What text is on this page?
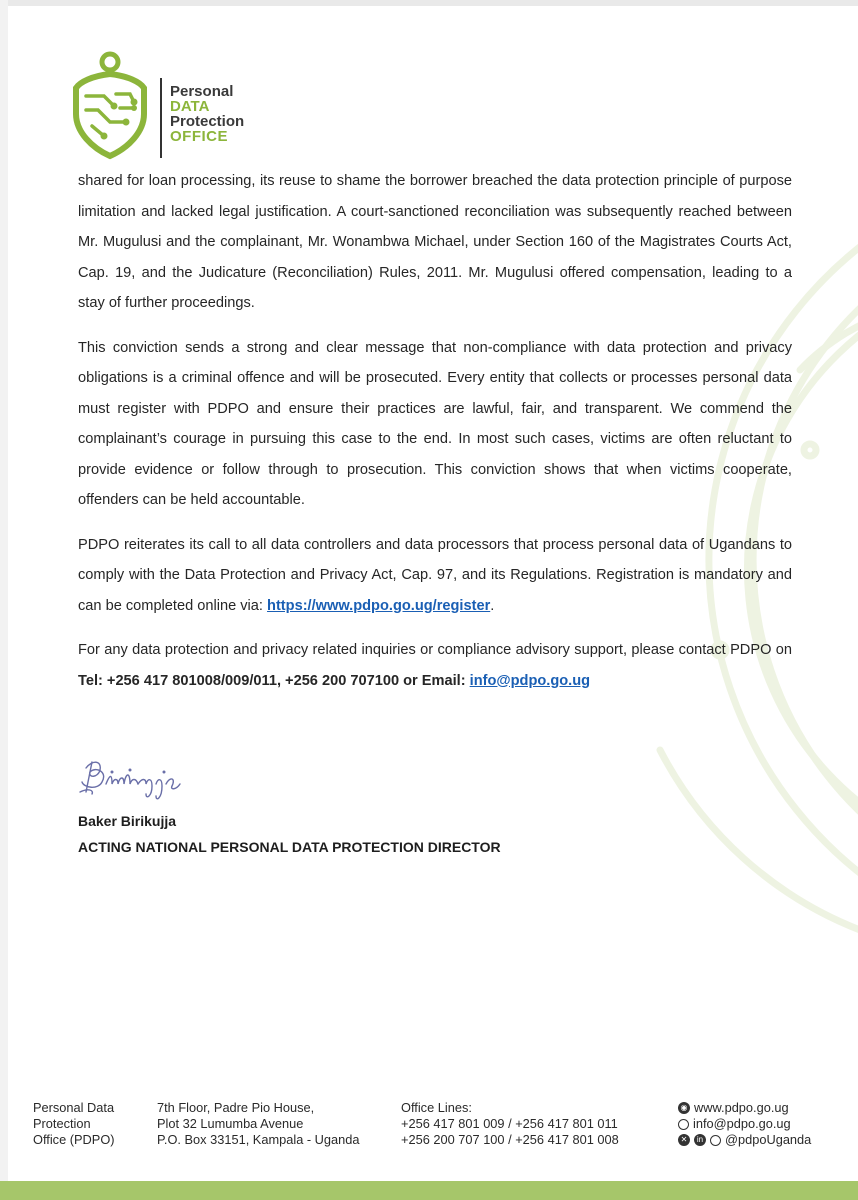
Personal
DATA
Protection
OFFICE

shared for loan processing, its reuse to shame the borrower breached the data protection principle of purpose limitation and lacked legal justification. A court-sanctioned reconciliation was subsequently reached between Mr. Mugulusi and the complainant, Mr. Wonambwa Michael, under Section 160 of the Magistrates Courts Act, Cap. 19, and the Judicature (Reconciliation) Rules, 2011. Mr. Mugulusi offered compensation, leading to a stay of further proceedings.

This conviction sends a strong and clear message that non-compliance with data protection and privacy obligations is a criminal offence and will be prosecuted. Every entity that collects or processes personal data must register with PDPO and ensure their practices are lawful, fair, and transparent. We commend the complainant’s courage in pursuing this case to the end. In most such cases, victims are often reluctant to provide evidence or follow through to prosecution. This conviction shows that when victims cooperate, offenders can be held accountable.

PDPO reiterates its call to all data controllers and data processors that process personal data of Ugandans to comply with the Data Protection and Privacy Act, Cap. 97, and its Regulations. Registration is mandatory and can be completed online via: https://www.pdpo.go.ug/register.

For any data protection and privacy related inquiries or compliance advisory support, please contact PDPO on Tel: +256 417 801008/009/011, +256 200 707100 or Email: info@pdpo.go.ug

Baker Birikujja
ACTING NATIONAL PERSONAL DATA PROTECTION DIRECTOR
Personal Data
Protection
Office (PDPO)
7th Floor, Padre Pio House,
Plot 32 Lumumba Avenue
P.O. Box 33151, Kampala - Uganda
Office Lines:
+256 417 801 009 / +256 417 801 011
+256 200 707 100 / +256 417 801 008
◉ www.pdpo.go.ug
info@pdpo.go.ug
✕	in @pdpoUganda
